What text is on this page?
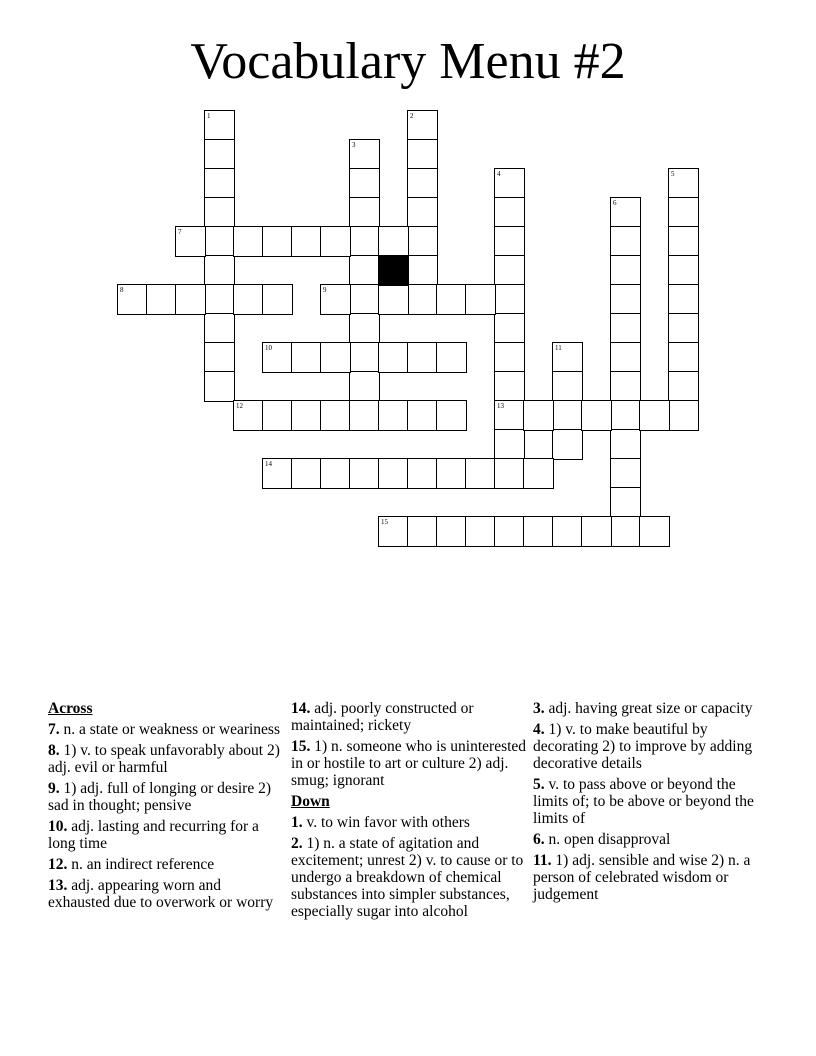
Vocabulary Menu #2
1	2
3
4
13
5
6
7
8	9
10	11
12
14
15
Across
7. n. a state or weakness or weariness
8. 1) v. to speak unfavorably about 2) adj. evil or harmful
9. 1) adj. full of longing or desire 2) sad in thought; pensive
10. adj. lasting and recurring for a long time
12. n. an indirect reference
13. adj. appearing worn and exhausted due to overwork or worry
14. adj. poorly constructed or maintained; rickety
15. 1) n. someone who is uninterested in or hostile to art or culture 2) adj. smug; ignorant
Down
1. v. to win favor with others
2. 1) n. a state of agitation and excitement; unrest 2) v. to cause or to undergo a breakdown of chemical substances into simpler substances, especially sugar into alcohol
3. adj. having great size or capacity
4. 1) v. to make beautiful by decorating 2) to improve by adding decorative details
5. v. to pass above or beyond the limits of; to be above or beyond the limits of
6. n. open disapproval
11. 1) adj. sensible and wise 2) n. a person of celebrated wisdom or judgement
